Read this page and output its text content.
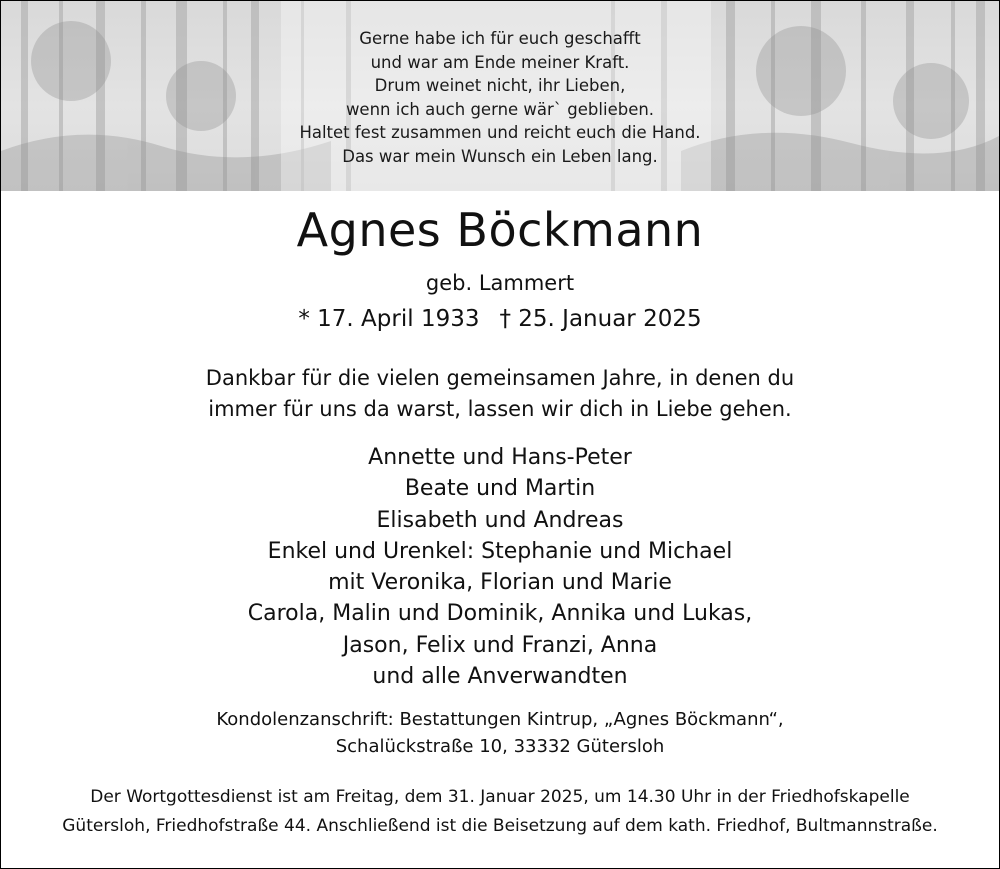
Gerne habe ich für euch geschafft
und war am Ende meiner Kraft.
Drum weinet nicht, ihr Lieben,
wenn ich auch gerne wär` geblieben.
Haltet fest zusammen und reicht euch die Hand.
Das war mein Wunsch ein Leben lang.
Agnes Böckmann
geb. Lammert
* 17. April 1933 † 25. Januar 2025
Dankbar für die vielen gemeinsamen Jahre, in denen du
immer für uns da warst, lassen wir dich in Liebe gehen.
Annette und Hans-Peter
Beate und Martin
Elisabeth und Andreas
Enkel und Urenkel: Stephanie und Michael
mit Veronika, Florian und Marie
Carola, Malin und Dominik, Annika und Lukas,
Jason, Felix und Franzi, Anna
und alle Anverwandten
Kondolenzanschrift: Bestattungen Kintrup, „Agnes Böckmann“,
Schalückstraße 10, 33332 Gütersloh
Der Wortgottesdienst ist am Freitag, dem 31. Januar 2025, um 14.30 Uhr in der Friedhofskapelle
Gütersloh, Friedhofstraße 44. Anschließend ist die Beisetzung auf dem kath. Friedhof, Bultmannstraße.
